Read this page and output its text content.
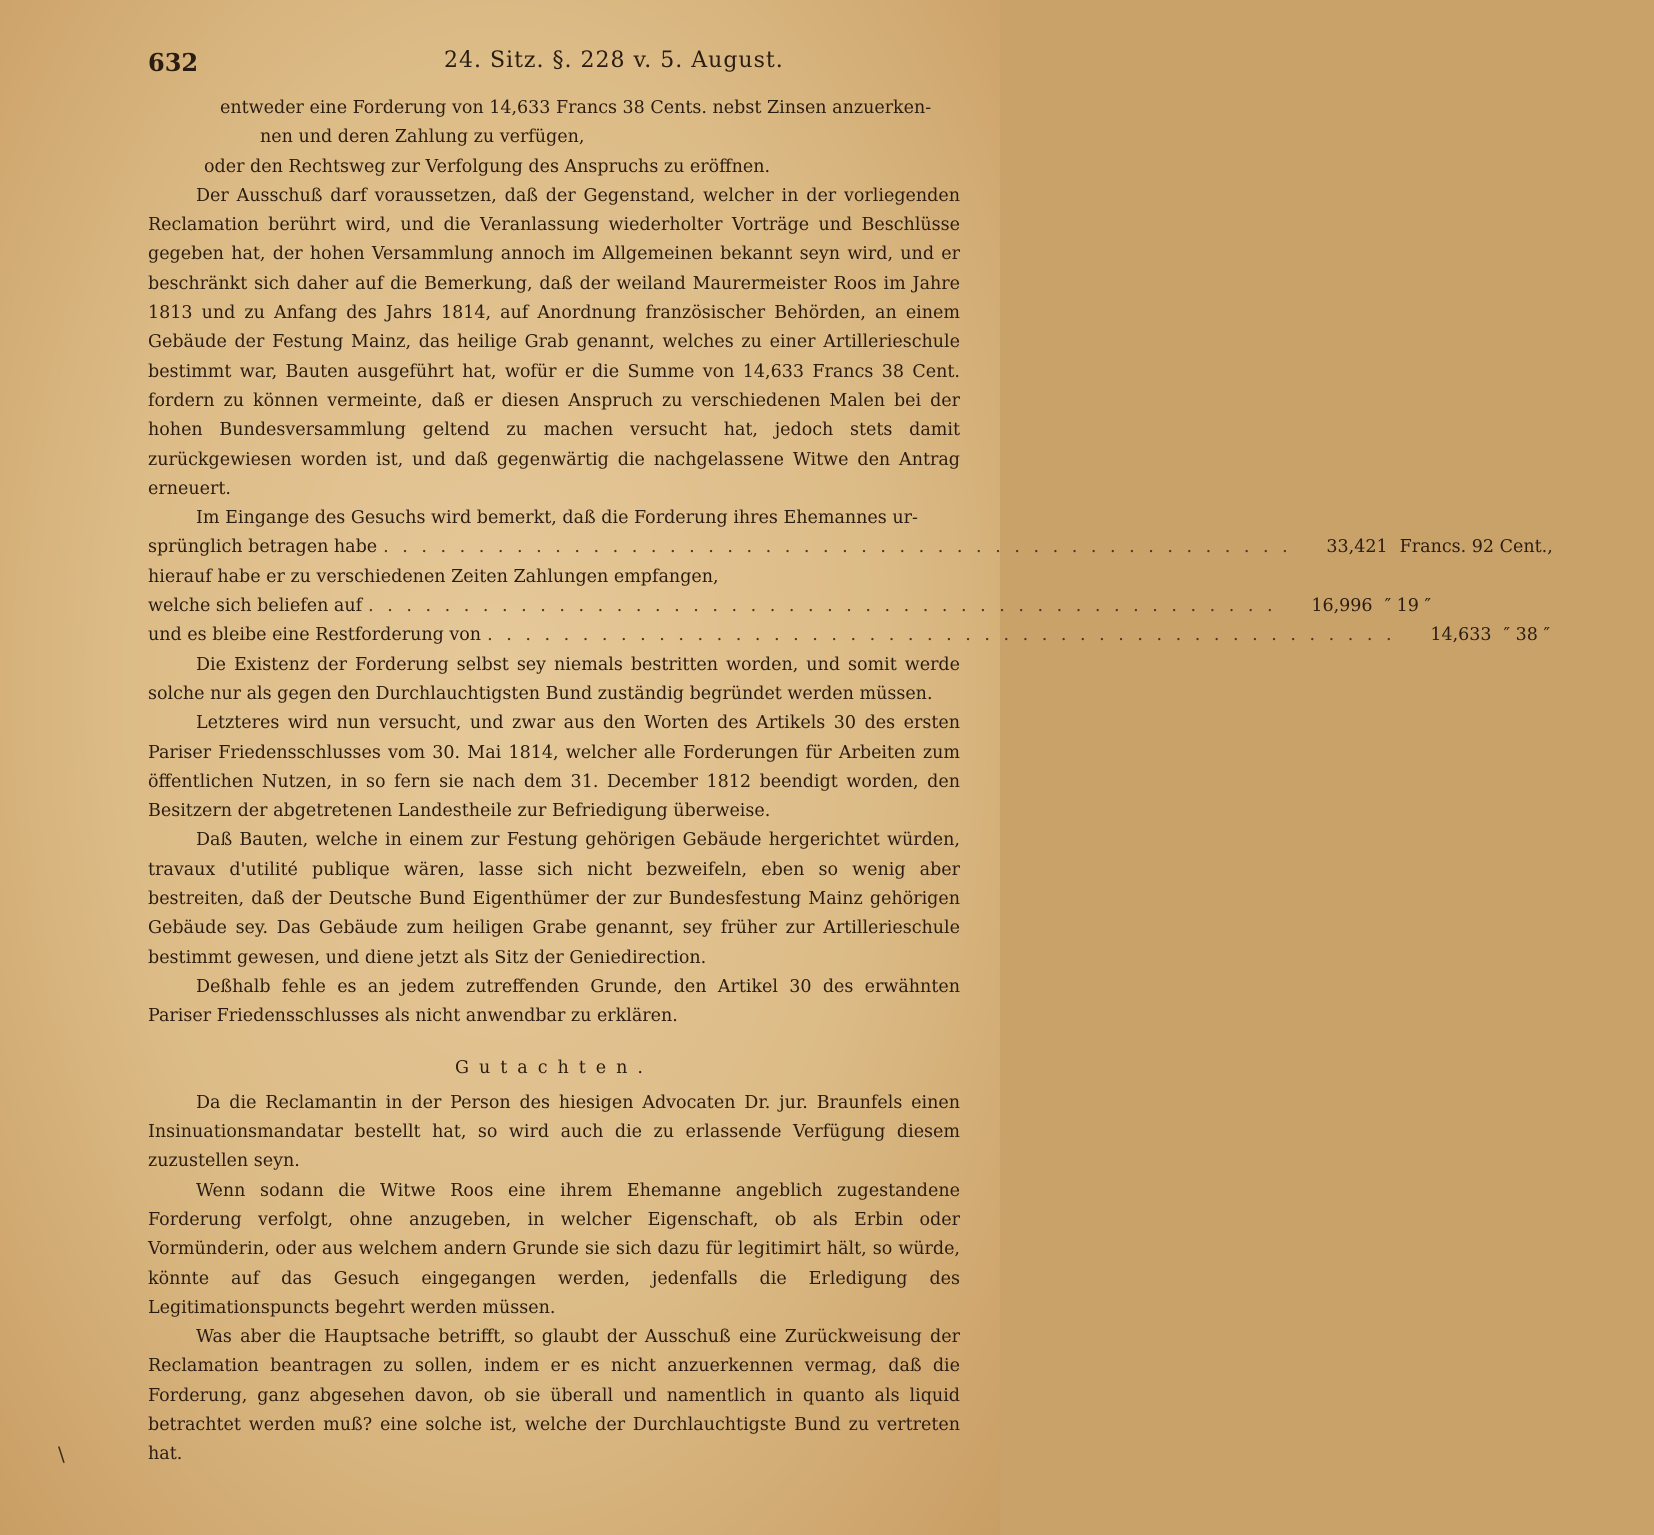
632	24. Sitz. §. 228 v. 5. August.

entweder eine Forderung von 14,633 Francs 38 Cents. nebst Zinsen anzuerken-

nen und deren Zahlung zu verfügen,

oder den Rechtsweg zur Verfolgung des Anspruchs zu eröffnen.

Der Ausschuß darf voraussetzen, daß der Gegenstand, welcher in der vorliegenden Reclamation berührt wird, und die Veranlassung wiederholter Vorträge und Beschlüsse gegeben hat, der hohen Versammlung annoch im Allgemeinen bekannt seyn wird, und er beschränkt sich daher auf die Bemerkung, daß der weiland Maurermeister Roos im Jahre 1813 und zu Anfang des Jahrs 1814, auf Anordnung französischer Behörden, an einem Gebäude der Festung Mainz, das heilige Grab genannt, welches zu einer Artillerieschule bestimmt war, Bauten ausgeführt hat, wofür er die Summe von 14,633 Francs 38 Cent. fordern zu können vermeinte, daß er diesen Anspruch zu verschiedenen Malen bei der hohen Bundesversammlung geltend zu machen versucht hat, jedoch stets damit zurückgewiesen worden ist, und daß gegenwärtig die nachgelassene Witwe den Antrag erneuert.

Im Eingange des Gesuchs wird bemerkt, daß die Forderung ihres Ehemannes ur-
sprünglich betragen habe . . . . . . . . . . . . . . . . . . . . . . . . . . . . . . . . . . . . . . . . . . . . . . . .	33,421 Francs. 92 Cent.,
hierauf habe er zu verschiedenen Zeiten Zahlungen empfangen,
welche sich beliefen auf . . . . . . . . . . . . . . . . . . . . . . . . . . . . . . . . . . . . . . . . . . . . . . . .	16,996 ″ 19 ″
und es bleibe eine Restforderung von . . . . . . . . . . . . . . . . . . . . . . . . . . . . . . . . . . . . . . . . . . . . . . . .	14,633 ″ 38 ″

Die Existenz der Forderung selbst sey niemals bestritten worden, und somit werde solche nur als gegen den Durchlauchtigsten Bund zuständig begründet werden müssen.

Letzteres wird nun versucht, und zwar aus den Worten des Artikels 30 des ersten Pariser Friedensschlusses vom 30. Mai 1814, welcher alle Forderungen für Arbeiten zum öffentlichen Nutzen, in so fern sie nach dem 31. December 1812 beendigt worden, den Besitzern der abgetretenen Landestheile zur Befriedigung überweise.

Daß Bauten, welche in einem zur Festung gehörigen Gebäude hergerichtet würden, travaux d'utilité publique wären, lasse sich nicht bezweifeln, eben so wenig aber bestreiten, daß der Deutsche Bund Eigenthümer der zur Bundesfestung Mainz gehörigen Gebäude sey. Das Gebäude zum heiligen Grabe genannt, sey früher zur Artillerieschule bestimmt gewesen, und diene jetzt als Sitz der Geniedirection.

Deßhalb fehle es an jedem zutreffenden Grunde, den Artikel 30 des erwähnten Pariser Friedensschlusses als nicht anwendbar zu erklären.

Gutachten.

Da die Reclamantin in der Person des hiesigen Advocaten Dr. jur. Braunfels einen Insinuationsmandatar bestellt hat, so wird auch die zu erlassende Verfügung diesem zuzustellen seyn.

Wenn sodann die Witwe Roos eine ihrem Ehemanne angeblich zugestandene Forderung verfolgt, ohne anzugeben, in welcher Eigenschaft, ob als Erbin oder Vormünderin, oder aus welchem andern Grunde sie sich dazu für legitimirt hält, so würde, könnte auf das Gesuch eingegangen werden, jedenfalls die Erledigung des Legitimationspuncts begehrt werden müssen.

Was aber die Hauptsache betrifft, so glaubt der Ausschuß eine Zurückweisung der Reclamation beantragen zu sollen, indem er es nicht anzuerkennen vermag, daß die Forderung, ganz abgesehen davon, ob sie überall und namentlich in quanto als liquid betrachtet werden muß? eine solche ist, welche der Durchlauchtigste Bund zu vertreten hat.

\
